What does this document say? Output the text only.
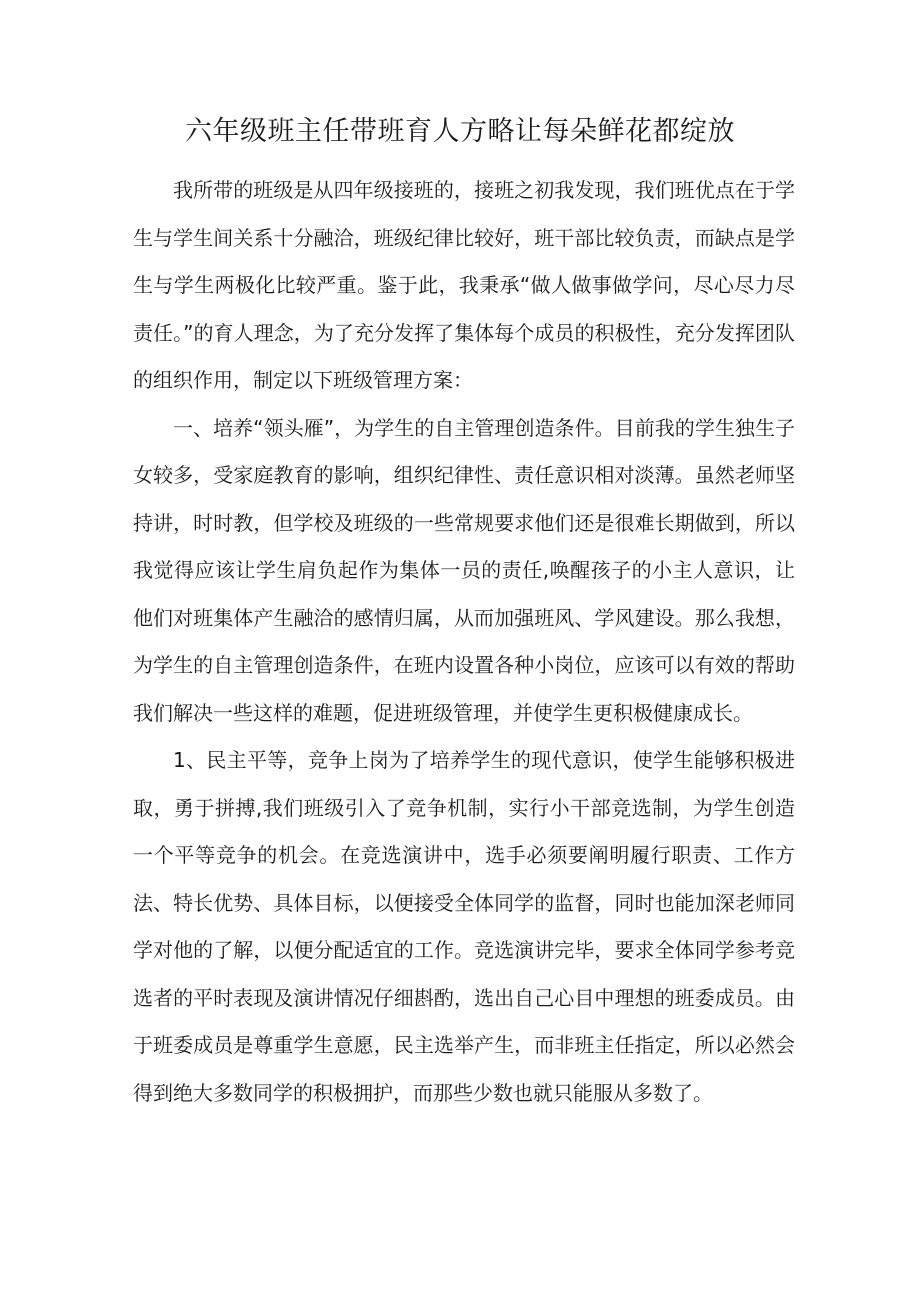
六年级班主任带班育人方略让每朵鲜花都绽放

我所带的班级是从四年级接班的，接班之初我发现，我们班优点在于学生与学生间关系十分融洽，班级纪律比较好，班干部比较负责，而缺点是学生与学生两极化比较严重。鉴于此，我秉承“做人做事做学问，尽心尽力尽责任。”的育人理念，为了充分发挥了集体每个成员的积极性，充分发挥团队的组织作用，制定以下班级管理方案：

一、培养“领头雁”，为学生的自主管理创造条件。目前我的学生独生子女较多，受家庭教育的影响，组织纪律性、责任意识相对淡薄。虽然老师坚持讲，时时教，但学校及班级的一些常规要求他们还是很难长期做到，所以我觉得应该让学生肩负起作为集体一员的责任,唤醒孩子的小主人意识，让他们对班集体产生融洽的感情归属，从而加强班风、学风建设。那么我想，为学生的自主管理创造条件，在班内设置各种小岗位，应该可以有效的帮助我们解决一些这样的难题，促进班级管理，并使学生更积极健康成长。

1、民主平等，竞争上岗为了培养学生的现代意识，使学生能够积极进取，勇于拼搏,我们班级引入了竞争机制，实行小干部竞选制，为学生创造一个平等竞争的机会。在竞选演讲中，选手必须要阐明履行职责、工作方法、特长优势、具体目标，以便接受全体同学的监督，同时也能加深老师同学对他的了解，以便分配适宜的工作。竞选演讲完毕，要求全体同学参考竞选者的平时表现及演讲情况仔细斟酌，选出自己心目中理想的班委成员。由于班委成员是尊重学生意愿，民主选举产生，而非班主任指定，所以必然会得到绝大多数同学的积极拥护，而那些少数也就只能服从多数了。
